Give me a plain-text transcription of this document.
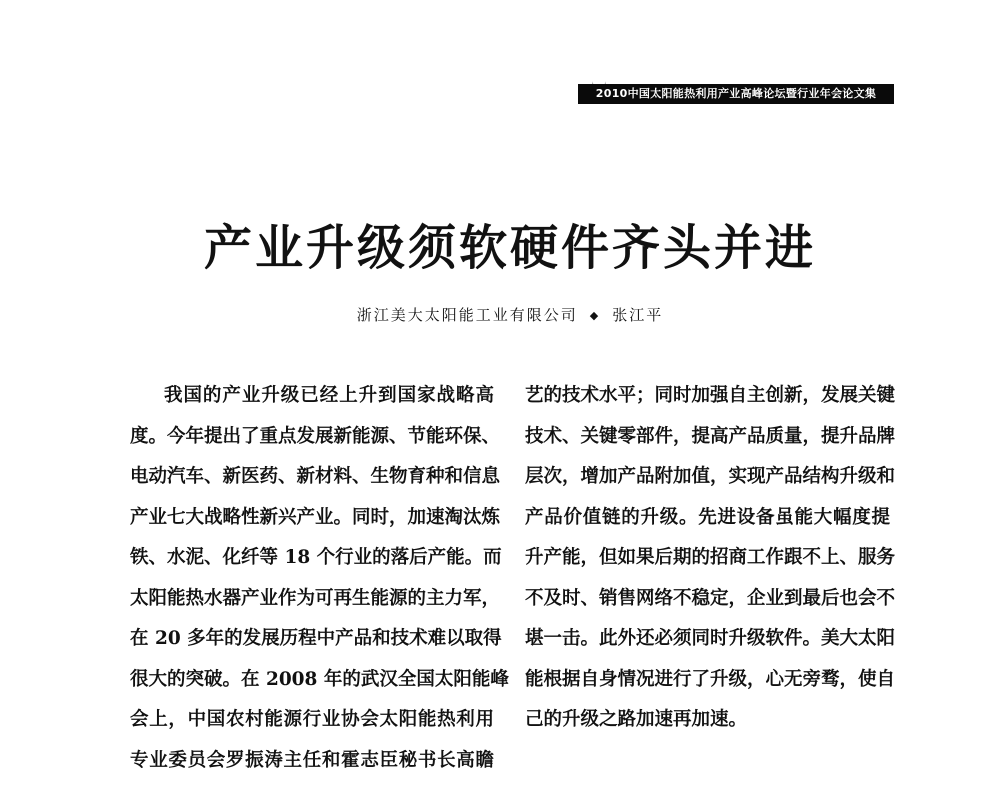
2010中国太阳能热利用产业高峰论坛暨行业年会论文集
产业升级须软硬件齐头并进
浙江美大太阳能工业有限公司 ◆ 张江平
我国的产业升级已经上升到国家战略高
度。今年提出了重点发展新能源、节能环保、
电动汽车、新医药、新材料、生物育种和信息
产业七大战略性新兴产业。同时，加速淘汰炼
铁、水泥、化纤等 18 个行业的落后产能。而
太阳能热水器产业作为可再生能源的主力军，
在 20 多年的发展历程中产品和技术难以取得
很大的突破。在 2008 年的武汉全国太阳能峰
会上，中国农村能源行业协会太阳能热利用
专业委员会罗振涛主任和霍志臣秘书长高瞻
艺的技术水平；同时加强自主创新，发展关键
技术、关键零部件，提高产品质量，提升品牌
层次，增加产品附加值，实现产品结构升级和
产品价值链的升级。先进设备虽能大幅度提
升产能，但如果后期的招商工作跟不上、服务
不及时、销售网络不稳定，企业到最后也会不
堪一击。此外还必须同时升级软件。美大太阳
能根据自身情况进行了升级，心无旁骛，使自
己的升级之路加速再加速。
